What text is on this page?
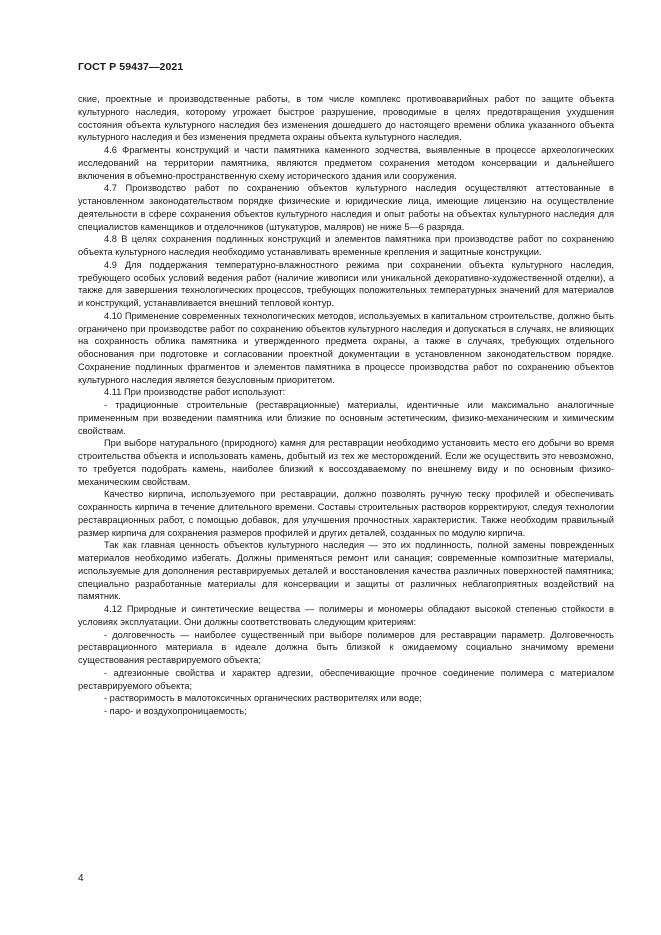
ГОСТ Р 59437—2021

ские, проектные и производственные работы, в том числе комплекс противоаварийных работ по защите объекта культурного наследия, которому угрожает быстрое разрушение, проводимые в целях предотвращения ухудшения состояния объекта культурного наследия без изменения дошедшего до настоящего времени облика указанного объекта культурного наследия и без изменения предмета охраны объекта культурного наследия.

4.6 Фрагменты конструкций и части памятника каменного зодчества, выявленные в процессе археологических исследований на территории памятника, являются предметом сохранения методом консервации и дальнейшего включения в объемно-пространственную схему исторического здания или сооружения.

4.7 Производство работ по сохранению объектов культурного наследия осуществляют аттестованные в установленном законодательством порядке физические и юридические лица, имеющие лицензию на осуществление деятельности в сфере сохранения объектов культурного наследия и опыт работы на объектах культурного наследия для специалистов каменщиков и отделочников (штукатуров, маляров) не ниже 5—6 разряда.

4.8 В целях сохранения подлинных конструкций и элементов памятника при производстве работ по сохранению объекта культурного наследия необходимо устанавливать временные крепления и защитные конструкции.

4.9 Для поддержания температурно-влажностного режима при сохранении объекта культурного наследия, требующего особых условий ведения работ (наличие живописи или уникальной декоративно-художественной отделки), а также для завершения технологических процессов, требующих положительных температурных значений для материалов и конструкций, устанавливается внешний тепловой контур.

4.10 Применение современных технологических методов, используемых в капитальном строительстве, должно быть ограничено при производстве работ по сохранению объектов культурного наследия и допускаться в случаях, не влияющих на сохранность облика памятника и утвержденного предмета охраны, а также в случаях, требующих отдельного обоснования при подготовке и согласовании проектной документации в установленном законодательством порядке. Сохранение подлинных фрагментов и элементов памятника в процессе производства работ по сохранению объектов культурного наследия является безусловным приоритетом.

4.11 При производстве работ используют:

- традиционные строительные (реставрационные) материалы, идентичные или максимально аналогичные примененным при возведении памятника или близкие по основным эстетическим, физико-механическим и химическим свойствам.

При выборе натурального (природного) камня для реставрации необходимо установить место его добычи во время строительства объекта и использовать камень, добытый из тех же месторождений. Если же осуществить это невозможно, то требуется подобрать камень, наиболее близкий к воссоздаваемому по внешнему виду и по основным физико-механическим свойствам.

Качество кирпича, используемого при реставрации, должно позволять ручную теску профилей и обеспечивать сохранность кирпича в течение длительного времени. Составы строительных растворов корректируют, следуя технологии реставрационных работ, с помощью добавок, для улучшения прочностных характеристик. Также необходим правильный размер кирпича для сохранения размеров профилей и других деталей, созданных по модулю кирпича.

Так как главная ценность объектов культурного наследия — это их подлинность, полной замены поврежденных материалов необходимо избегать. Должны применяться ремонт или санация; современные композитные материалы, используемые для дополнения реставрируемых деталей и восстановления качества различных поверхностей памятника; специально разработанные материалы для консервации и защиты от различных неблагоприятных воздействий на памятник.

4.12 Природные и синтетические вещества — полимеры и мономеры обладают высокой степенью стойкости в условиях эксплуатации. Они должны соответствовать следующим критериям:

- долговечность — наиболее существенный при выборе полимеров для реставрации параметр. Долговечность реставрационного материала в идеале должна быть близкой к ожидаемому социально значимому времени существования реставрируемого объекта;

- адгезионные свойства и характер адгезии, обеспечивающие прочное соединение полимера с материалом реставрируемого объекта;

- растворимость в малотоксичных органических растворителях или воде;

- паро- и воздухопроницаемость;

4
